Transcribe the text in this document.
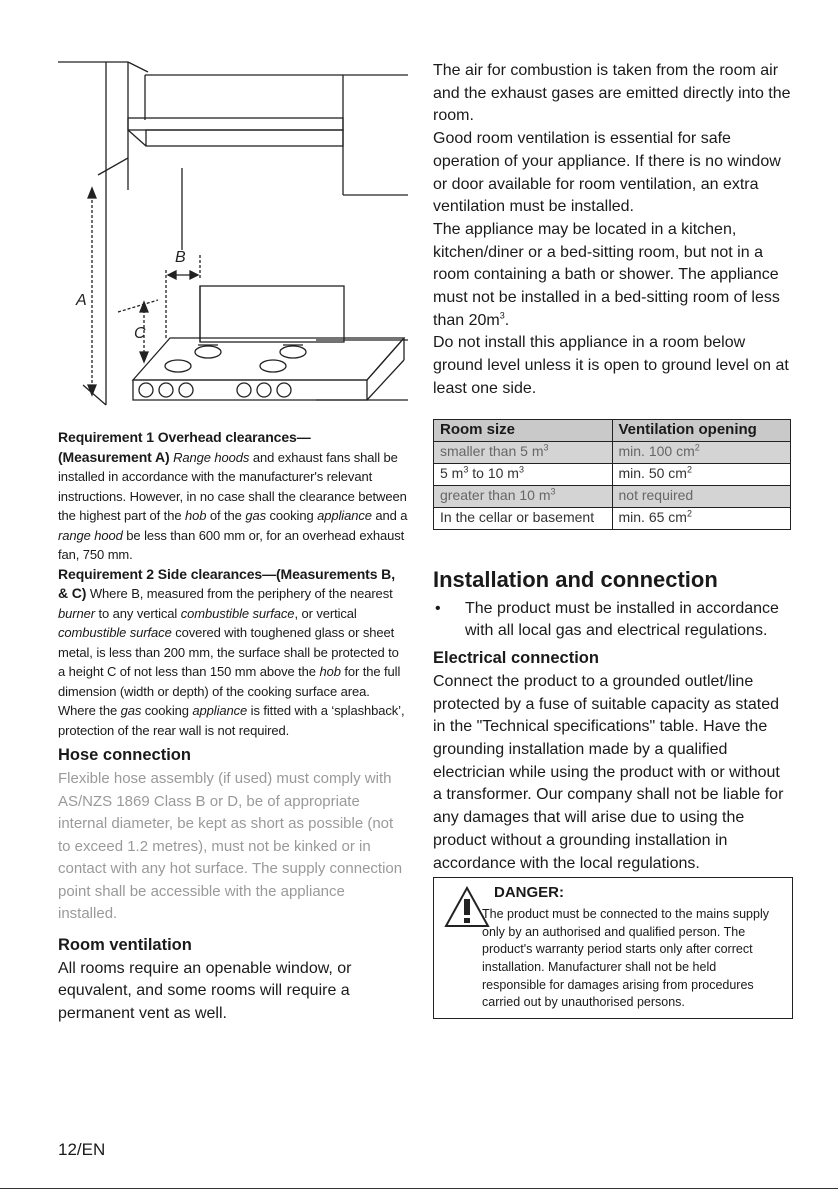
B
A
C
Requirement 1 Overhead clearances— (Measurement A) Range hoods and exhaust fans shall be installed in accordance with the manufacturer's relevant instructions. However, in no case shall the clearance between the highest part of the hob of the gas cooking appliance and a range hood be less than 600 mm or, for an overhead exhaust fan, 750 mm.
Requirement 2 Side clearances—(Measurements B, & C) Where B, measured from the periphery of the nearest burner to any vertical combustible surface, or vertical combustible surface covered with toughened glass or sheet metal, is less than 200 mm, the surface shall be protected to a height C of not less than 150 mm above the hob for the full dimension (width or depth) of the cooking surface area. Where the gas cooking appliance is fitted with a ‘splashback’, protection of the rear wall is not required.
Hose connection
Flexible hose assembly (if used) must comply with AS/NZS 1869 Class B or D, be of appropriate internal diameter, be kept as short as possible (not to exceed 1.2 metres), must not be kinked or in contact with any hot surface. The supply connection point shall be accessible with the appliance installed.
Room ventilation
All rooms require an openable window, or equvalent, and some rooms will require a permanent vent as well.
The air for combustion is taken from the room air and the exhaust gases are emitted directly into the room.
Good room ventilation is essential for safe operation of your appliance. If there is no window or door available for room ventilation, an extra ventilation must be installed.
The appliance may be located in a kitchen, kitchen/diner or a bed-sitting room, but not in a room containing a bath or shower. The appliance must not be installed in a bed-sitting room of less than $20m^3$.
Do not install this appliance in a room below ground level unless it is open to ground level on at least one side.
Room size	Ventilation opening
smaller than 5 $m^3$	min. 100 $cm^2$
5 $m^3$ to 10 $m^3$	min. 50 $cm^2$
greater than 10 $m^3$	not required
In the cellar or basement	min. 65 $cm^2$
Installation and connection
•	The product must be installed in accordance with all local gas and electrical regulations.
Electrical connection
Connect the product to a grounded outlet/line protected by a fuse of suitable capacity as stated in the "Technical specifications" table. Have the grounding installation made by a qualified electrician while using the product with or without a transformer. Our company shall not be liable for any damages that will arise due to using the product without a grounding installation in accordance with the local regulations.
DANGER:
The product must be connected to the mains supply only by an authorised and qualified person. The product's warranty period starts only after correct installation. Manufacturer shall not be held responsible for damages arising from procedures carried out by unauthorised persons.
12/EN
